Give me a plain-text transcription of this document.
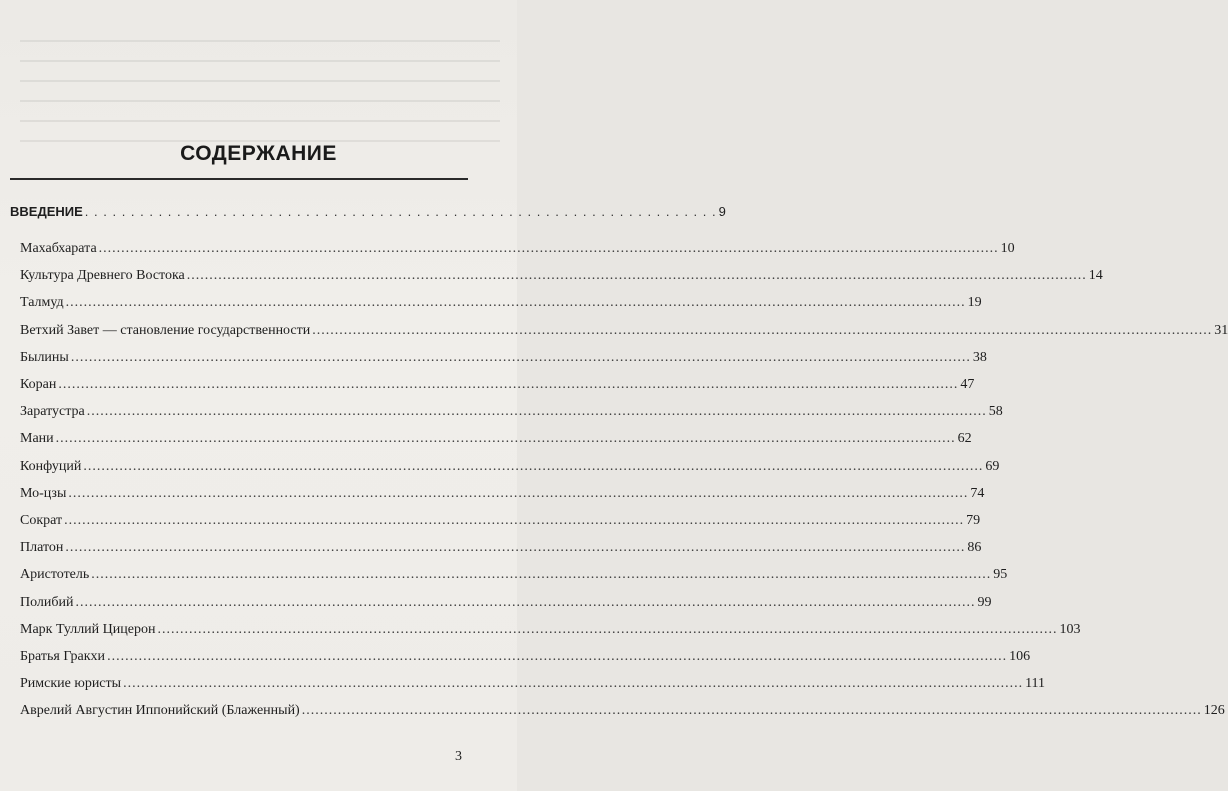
СОДЕРЖАНИЕ
ВВЕДЕНИЕ . . . . . . . . . . . . . . . . . . . . . . . . . . . . . . . . . . . . . . . . . . . . . . . . . . . . . . . . . . . . . . . . . . . . . 9
Махабхарата ........................................................................................................................................................................................................ 10
Культура Древнего Востока ........................................................................................................................................................................................................ 14
Талмуд ........................................................................................................................................................................................................ 19
Ветхий Завет — становление государственности ........................................................................................................................................................................................................ 31
Былины ........................................................................................................................................................................................................ 38
Коран ........................................................................................................................................................................................................ 47
Заратустра ........................................................................................................................................................................................................ 58
Мани ........................................................................................................................................................................................................ 62
Конфуций ........................................................................................................................................................................................................ 69
Мо-цзы ........................................................................................................................................................................................................ 74
Сократ ........................................................................................................................................................................................................ 79
Платон ........................................................................................................................................................................................................ 86
Аристотель ........................................................................................................................................................................................................ 95
Полибий ........................................................................................................................................................................................................ 99
Марк Туллий Цицерон ........................................................................................................................................................................................................ 103
Братья Гракхи ........................................................................................................................................................................................................ 106
Римские юристы ........................................................................................................................................................................................................ 111
Аврелий Августин Иппонийский (Блаженный) ........................................................................................................................................................................................................ 126
3
